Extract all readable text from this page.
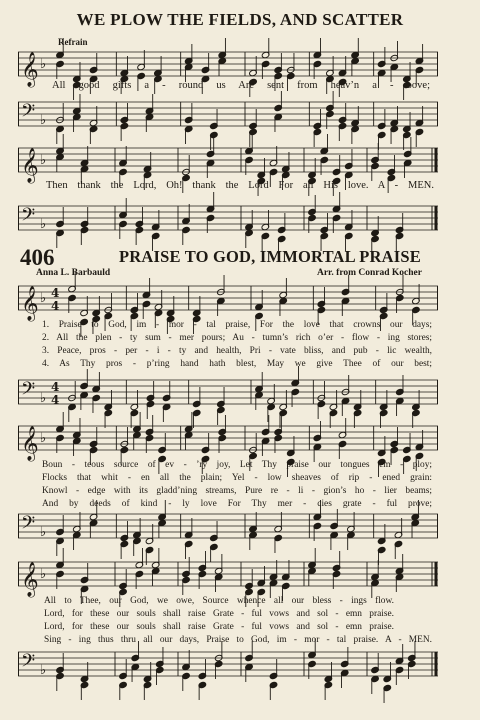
WE PLOW THE FIELDS, AND SCATTER
Refrain
𝄞 ♭
All good gifts a - round us Are sent from heav’n a - bove;
𝄢 ♭
𝄞 ♭
Then thank the Lord, Oh! thank the Lord For all His love. A - MEN.
𝄢 ♭
406	PRAISE TO GOD, IMMORTAL PRAISE
Anna L. Barbauld	Arr. from Conrad Kocher
𝄞 ♭ 4
4
1. Praise to God, im - mor - tal praise, For the love that crowns our days;
2. All the plen - ty sum - mer pours; Au - tumn’s rich o’er - flow - ing stores;
3. Peace, pros - per - i - ty and health, Pri - vate bliss, and pub - lic wealth,
4. As Thy pros - p’ring hand hath blest, May we give Thee of our best;
𝄢 ♭
4
4
𝄞 ♭
Boun - teous source of ev - ’ry joy, Let Thy praise our tongues em - ploy;
Flocks that whit - en all the plain; Yel - low sheaves of rip - ened grain:
Knowl - edge with its gladd’ning streams, Pure re - li - gion’s ho - lier beams;
And by deeds of kind - ly love For Thy mer - cies grate - ful prove;
𝄢 ♭
𝄞 ♭
All to Thee, our God, we owe, Source whence all our bless - ings flow.
Lord, for these our souls shall raise Grate - ful vows and sol - emn praise.
Lord, for these our souls shall raise Grate - ful vows and sol - emn praise.
Sing - ing thus thru all our days, Praise to God, im - mor - tal praise. A - MEN.
𝄢 ♭
